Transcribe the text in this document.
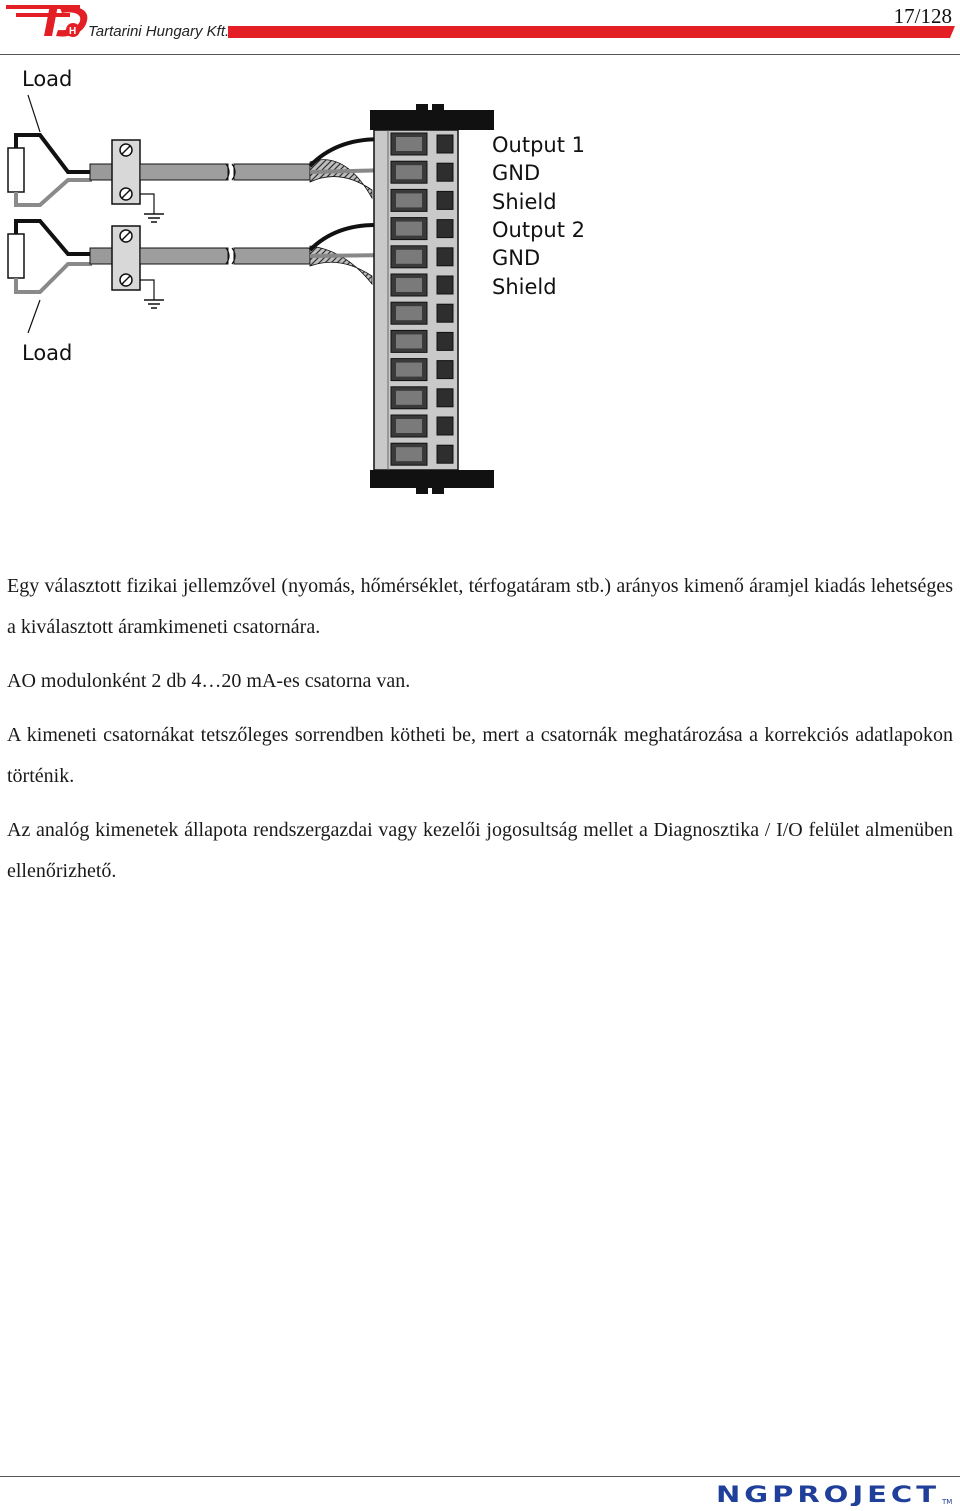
H Tartarini Hungary Kft.
17/128
Load
Load
Output 1
GND
Shield
Output 2
GND
Shield

Egy választott fizikai jellemzővel (nyomás, hőmérséklet, térfogatáram stb.) arányos kimenő áramjel kiadás lehetséges a kiválasztott áramkimeneti csatornára.

AO modulonként 2 db 4…20 mA-es csatorna van.

A kimeneti csatornákat tetszőleges sorrendben kötheti be, mert a csatornák meghatározása a korrekciós adatlapokon történik.

Az analóg kimenetek állapota rendszergazdai vagy kezelői jogosultság mellet a Diagnosztika / I/O felület almenüben ellenőrizhető.

NGPROJECT TM
